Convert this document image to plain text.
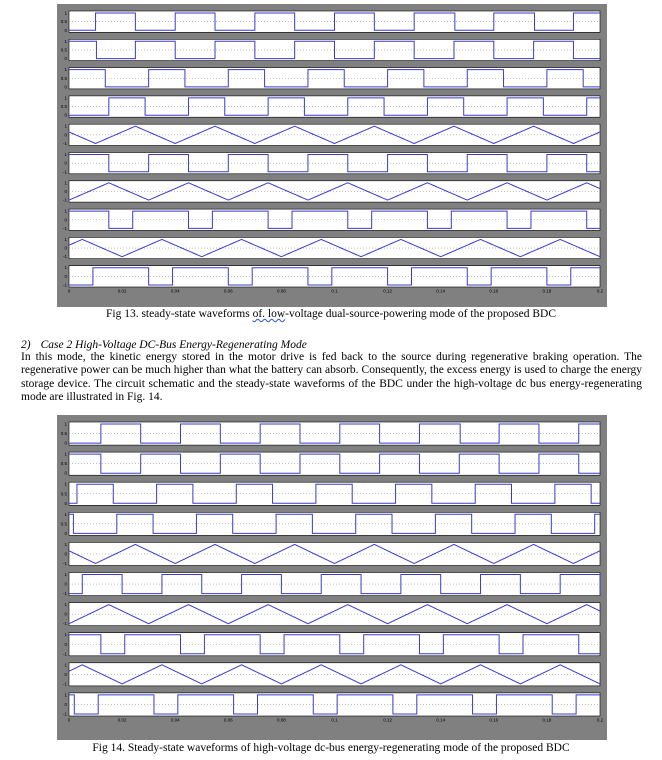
1
0.5
0
1
0.5
0
1
0.5
0
1
0.5
0
1
0
-1
1
0
-1
1
0
-1
1
0
-1
1
0
-1
1
0
-1
0	0.02	0.04	0.06	0.08	0.1	0.12	0.14	0.16	0.18	0.2
Fig 13. steady-state waveforms of. low-voltage dual-source-powering mode of the proposed BDC
2) Case 2 High-Voltage DC-Bus Energy-Regenerating Mode
In this mode, the kinetic energy stored in the motor drive is fed back to the source during regenerative braking operation. The regenerative power can be much higher than what the battery can absorb. Consequently, the excess energy is used to charge the energy storage device. The circuit schematic and the steady-state waveforms of the BDC under the high-voltage dc bus energy-regenerating mode are illustrated in Fig. 14.
1
0.5
0
1
0.5
0
1
0.5
0
1
0.5
0
1
0
-1
1
0
-1
1
0
-1
1
0
-1
1
0
-1
1
0
-1
0	0.02	0.04	0.06	0.08	0.1	0.12	0.14	0.16	0.18	0.2
Fig 14. Steady-state waveforms of high-voltage dc-bus energy-regenerating mode of the proposed BDC
